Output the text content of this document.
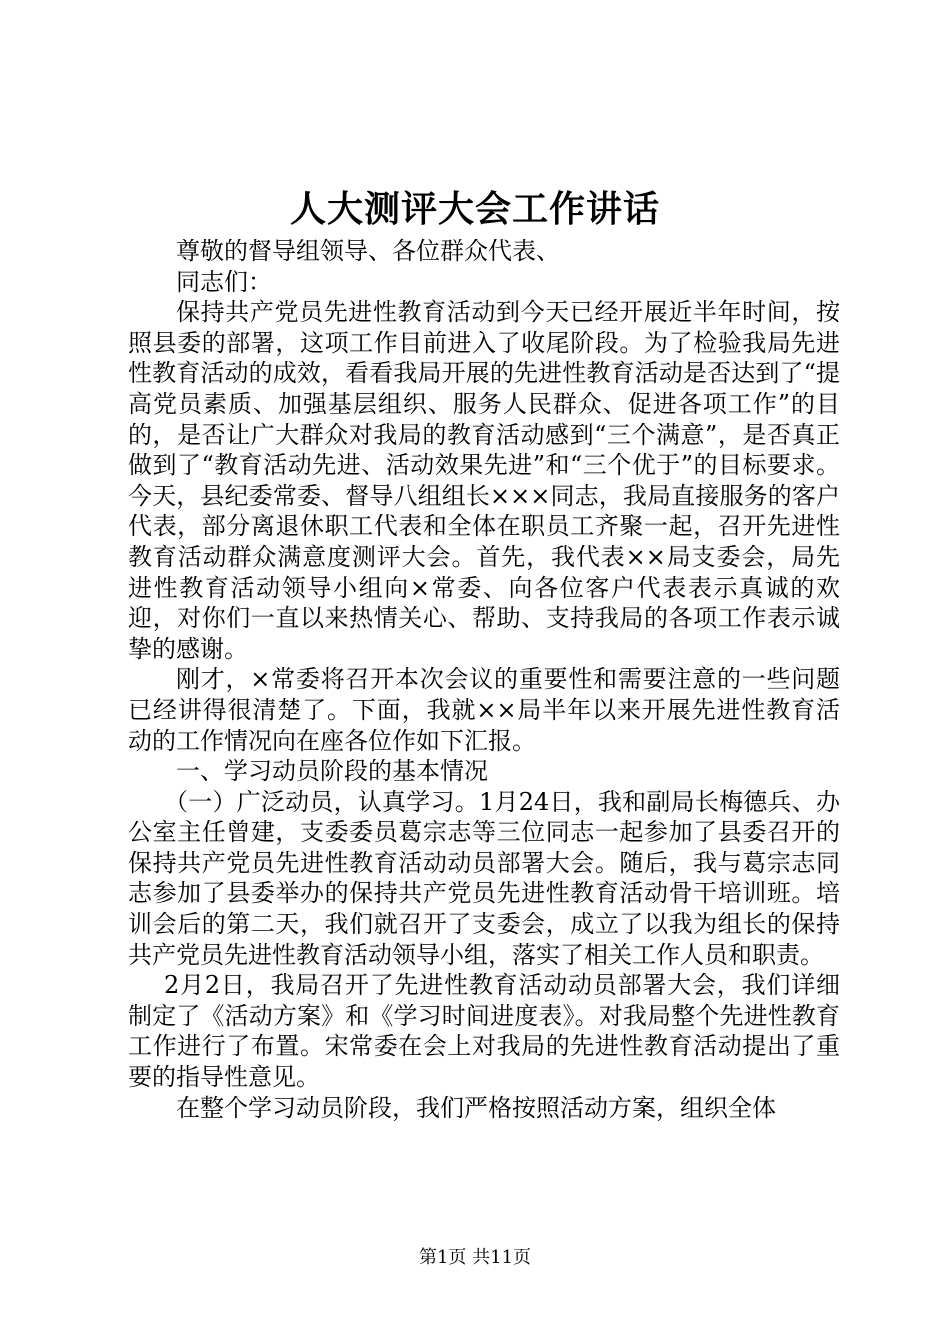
人大测评大会工作讲话

尊敬的督导组领导、各位群众代表、

同志们：

保持共产党员先进性教育活动到今天已经开展近半年时间，按照县委的部署，这项工作目前进入了收尾阶段。为了检验我局先进性教育活动的成效，看看我局开展的先进性教育活动是否达到了“提高党员素质、加强基层组织、服务人民群众、促进各项工作”的目的，是否让广大群众对我局的教育活动感到“三个满意”，是否真正做到了“教育活动先进、活动效果先进”和“三个优于”的目标要求。今天，县纪委常委、督导八组组长×××同志，我局直接服务的客户代表，部分离退休职工代表和全体在职员工齐聚一起，召开先进性教育活动群众满意度测评大会。首先，我代表××局支委会，局先进性教育活动领导小组向×常委、向各位客户代表表示真诚的欢迎，对你们一直以来热情关心、帮助、支持我局的各项工作表示诚挚的感谢。

刚才，×常委将召开本次会议的重要性和需要注意的一些问题已经讲得很清楚了。下面，我就××局半年以来开展先进性教育活动的工作情况向在座各位作如下汇报。

一、学习动员阶段的基本情况

（一）广泛动员，认真学习。1月24日，我和副局长梅德兵、办公室主任曾建，支委委员葛宗志等三位同志一起参加了县委召开的保持共产党员先进性教育活动动员部署大会。随后，我与葛宗志同志参加了县委举办的保持共产党员先进性教育活动骨干培训班。培训会后的第二天，我们就召开了支委会，成立了以我为组长的保持共产党员先进性教育活动领导小组，落实了相关工作人员和职责。

2月2日，我局召开了先进性教育活动动员部署大会，我们详细制定了《活动方案》和《学习时间进度表》。对我局整个先进性教育工作进行了布置。宋常委在会上对我局的先进性教育活动提出了重要的指导性意见。

在整个学习动员阶段，我们严格按照活动方案，组织全体

第1页 共11页
